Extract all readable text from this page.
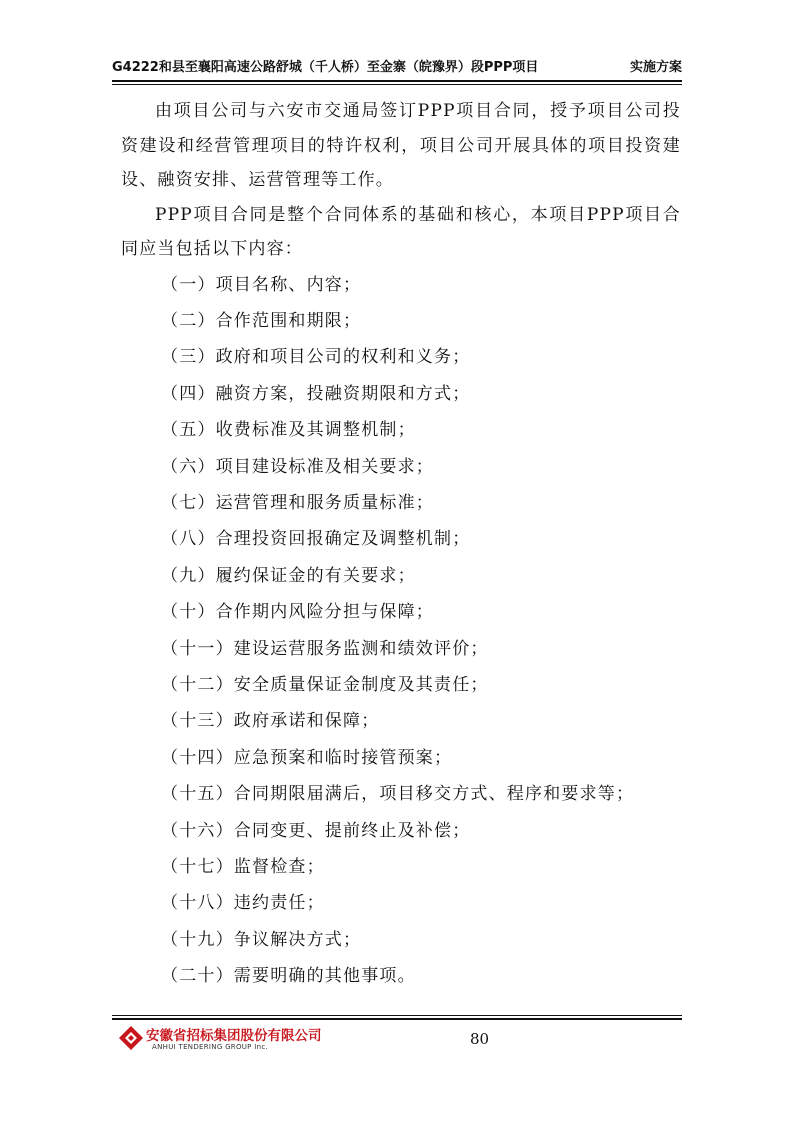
G4222和县至襄阳高速公路舒城（千人桥）至金寨（皖豫界）段PPP项目	实施方案

由项目公司与六安市交通局签订PPP项目合同，授予项目公司投资建设和经营管理项目的特许权利，项目公司开展具体的项目投资建设、融资安排、运营管理等工作。

PPP项目合同是整个合同体系的基础和核心，本项目PPP项目合同应当包括以下内容：

（一）项目名称、内容；

（二）合作范围和期限；

（三）政府和项目公司的权利和义务；

（四）融资方案，投融资期限和方式；

（五）收费标准及其调整机制；

（六）项目建设标准及相关要求；

（七）运营管理和服务质量标准；

（八）合理投资回报确定及调整机制；

（九）履约保证金的有关要求；

（十）合作期内风险分担与保障；

（十一）建设运营服务监测和绩效评价；

（十二）安全质量保证金制度及其责任；

（十三）政府承诺和保障；

（十四）应急预案和临时接管预案；

（十五）合同期限届满后，项目移交方式、程序和要求等；

（十六）合同变更、提前终止及补偿；

（十七）监督检查；

（十八）违约责任；

（十九）争议解决方式；

（二十）需要明确的其他事项。

安徽省招标集团股份有限公司
ANHUI TENDERING GROUP Inc.	80
